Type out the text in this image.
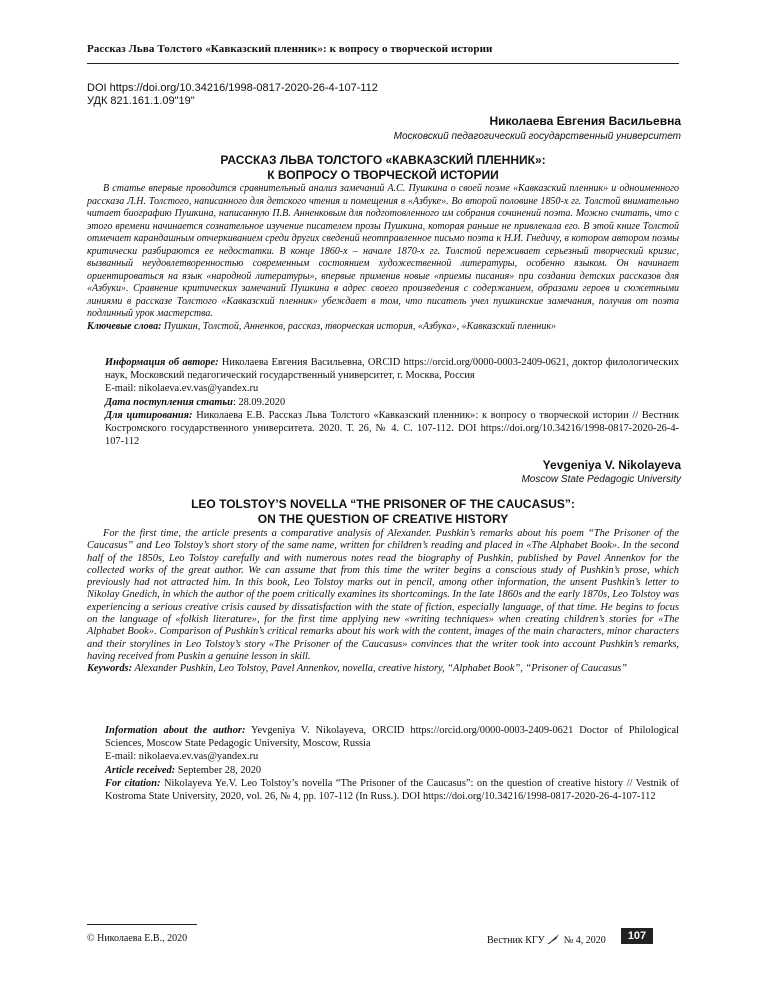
Рассказ Льва Толстого «Кавказский пленник»: к вопросу о творческой истории
DOI https://doi.org/10.34216/1998-0817-2020-26-4-107-112
УДК 821.161.1.09"19"
Николаева Евгения Васильевна
Московский педагогический государственный университет
РАССКАЗ ЛЬВА ТОЛСТОГО «КАВКАЗСКИЙ ПЛЕННИК»:
К ВОПРОСУ О ТВОРЧЕСКОЙ ИСТОРИИ
В статье впервые проводится сравнительный анализ замечаний А.С. Пушкина о своей поэме «Кавказский пленник» и одноименного рассказа Л.Н. Толстого, написанного для детского чтения и помещения в «Азбуке». Во второй половине 1850-х гг. Толстой внимательно читает биографию Пушкина, написанную П.В. Анненковым для подготовленного им собрания сочинений поэта. Можно считать, что с этого времени начинается сознательное изучение писателем прозы Пушкина, которая раньше не привлекала его. В этой книге Толстой отмечает карандашным отчеркиванием среди других сведений неотправленное письмо поэта к Н.И. Гнедичу, в котором автором поэмы критически разбираются ее недостатки. В конце 1860-х – начале 1870-х гг. Толстой переживает серьезный творческий кризис, вызванный неудовлетворенностью современным состоянием художественной литературы, особенно языком. Он начинает ориентироваться на язык «народной литературы», впервые применив новые «приемы писания» при создании детских рассказов для «Азбуки». Сравнение критических замечаний Пушкина в адрес своего произведения с содержанием, образами героев и сюжетными линиями в рассказе Толстого «Кавказский пленник» убеждает в том, что писатель учел пушкинские замечания, получив от поэта подлинный урок мастерства.
Ключевые слова: Пушкин, Толстой, Анненков, рассказ, творческая история, «Азбука», «Кавказский пленник»

Информация об авторе: Николаева Евгения Васильевна, ORCID https://orcid.org/0000-0003-2409-0621, доктор филологических наук, Московский педагогический государственный университет, г. Москва, Россия

E-mail: nikolaeva.ev.vas@yandex.ru

Дата поступления статьи: 28.09.2020

Для цитирования: Николаева Е.В. Рассказ Льва Толстого «Кавказский пленник»: к вопросу о творческой истории // Вестник Костромского государственного университета. 2020. Т. 26, № 4. С. 107-112. DOI https://doi.org/10.34216/1998-0817-2020-26-4-107-112

Yevgeniya V. Nikolayeva
Moscow State Pedagogic University
LEO TOLSTOY’S NOVELLA “THE PRISONER OF THE CAUCASUS”:
ON THE QUESTION OF CREATIVE HISTORY
For the first time, the article presents a comparative analysis of Alexander. Pushkin’s remarks about his poem “The Prisoner of the Caucasus” and Leo Tolstoy’s short story of the same name, written for children’s reading and placed in «The Alphabet Book». In the second half of the 1850s, Leo Tolstoy carefully and with numerous notes read the biography of Pushkin, published by Pavel Annenkov for the collected works of the great author. We can assume that from this time the writer begins a conscious study of Pushkin’s prose, which previously had not attracted him. In this book, Leo Tolstoy marks out in pencil, among other information, the unsent Pushkin’s letter to Nikolay Gnedich, in which the author of the poem critically examines its shortcomings. In the late 1860s and the early 1870s, Leo Tolstoy was experiencing a serious creative crisis caused by dissatisfaction with the state of fiction, especially language, of that time. He begins to focus on the language of «folkish literature», for the first time applying new «writing techniques» when creating children’s stories for «The Alphabet Book». Comparison of Pushkin’s critical remarks about his work with the content, images of the main characters, minor characters and their storylines in Leo Tolstoy’s story «The Prisoner of the Caucasus» convinces that the writer took into account Pushkin’s remarks, having received from Puskin a genuine lesson in skill.
Keywords: Alexander Pushkin, Leo Tolstoy, Pavel Annenkov, novella, creative history, “Alphabet Book”, “Prisoner of Caucasus”

Information about the author: Yevgeniya V. Nikolayeva, ORCID https://orcid.org/0000-0003-2409-0621 Doctor of Philological Sciences, Moscow State Pedagogic University, Moscow, Russia

E-mail: nikolaeva.ev.vas@yandex.ru

Article received: September 28, 2020

For citation: Nikolayeva Ye.V. Leo Tolstoy’s novella “The Prisoner of the Caucasus”: on the question of creative history // Vestnik of Kostroma State University, 2020, vol. 26, № 4, pp. 107-112 (In Russ.). DOI https://doi.org/10.34216/1998-0817-2020-26-4-107-112

© Николаева Е.В., 2020	Вестник КГУ № 4, 2020	107
